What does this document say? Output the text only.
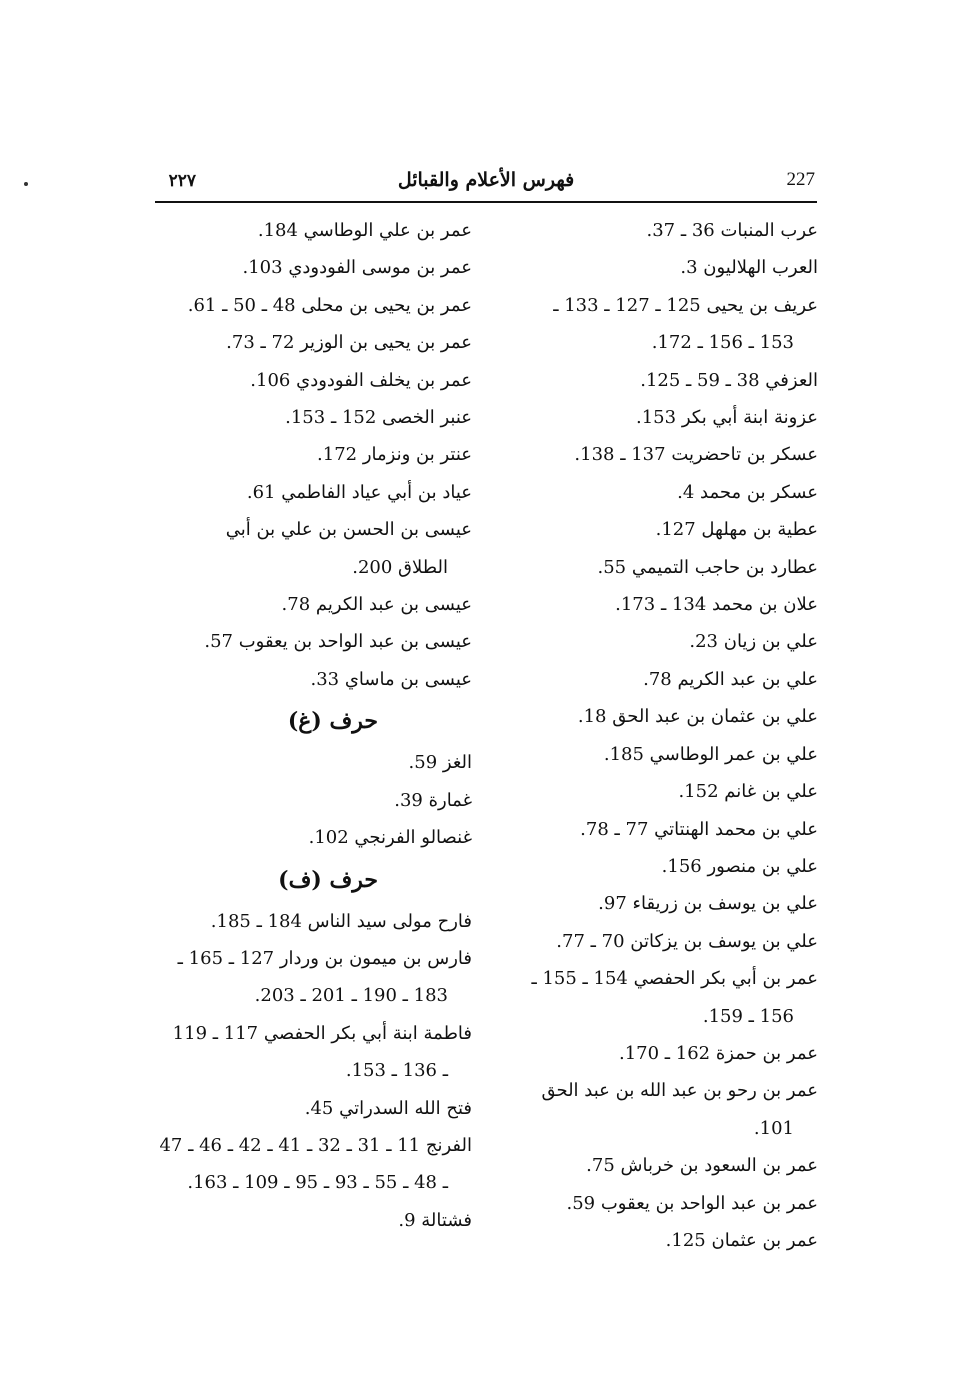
227
فهرس الأعلام والقبائل
٢٢٧
عرب المنبات 36 ـ 37.
العرب الهلاليون 3.
عريف بن يحيى 125 ـ 127 ـ 133 ـ
153 ـ 156 ـ 172.
العزفي 38 ـ 59 ـ 125.
عزونة ابنة أبي بكر 153.
عسكر بن تاحضريت 137 ـ 138.
عسكر بن محمد 4.
عطية بن مهلهل 127.
عطارد بن حاجب التميمي 55.
علان بن محمد 134 ـ 173.
علي بن زيان 23.
علي بن عبد الكريم 78.
علي بن عثمان بن عبد الحق 18.
علي بن عمر الوطاسي 185.
علي بن غانم 152.
علي بن محمد الهنتاتي 77 ـ 78.
علي بن منصور 156.
علي بن يوسف بن زريقاء 97.
علي بن يوسف بن يزكاتن 70 ـ 77.
عمر بن أبي بكر الحفصي 154 ـ 155 ـ
156 ـ 159.
عمر بن حمزة 162 ـ 170.
عمر بن رحو بن عبد الله بن عبد الحق
101.
عمر بن السعود بن خرباش 75.
عمر بن عبد الواحد بن يعقوب 59.
عمر بن عثمان 125.
عمر بن علي الوطاسي 184.
عمر بن موسى الفودودي 103.
عمر بن يحيى بن محلى 48 ـ 50 ـ 61.
عمر بن يحيى بن الوزير 72 ـ 73.
عمر بن يخلف الفودودي 106.
عنبر الخصى 152 ـ 153.
عنتر بن ونزمار 172.
عياد بن أبي عياد الفاطمي 61.
عيسى بن الحسن بن علي بن أبي
الطلاق 200.
عيسى بن عبد الكريم 78.
عيسى بن عبد الواحد بن يعقوب 57.
عيسى بن ماساي 33.
حرف (غ)
الغز 59.
غمارة 39.
غنصالو الفرنجي 102.
حرف (ف)
فارح مولى سيد الناس 184 ـ 185.
فارس بن ميمون بن وردار 127 ـ 165 ـ
183 ـ 190 ـ 201 ـ 203.
فاطمة ابنة أبي بكر الحفصي 117 ـ 119
ـ 136 ـ 153.
فتح الله السدراتي 45.
الفرنج 11 ـ 31 ـ 32 ـ 41 ـ 42 ـ 46 ـ 47
ـ 48 ـ 55 ـ 93 ـ 95 ـ 109 ـ 163.
فشتالة 9.
